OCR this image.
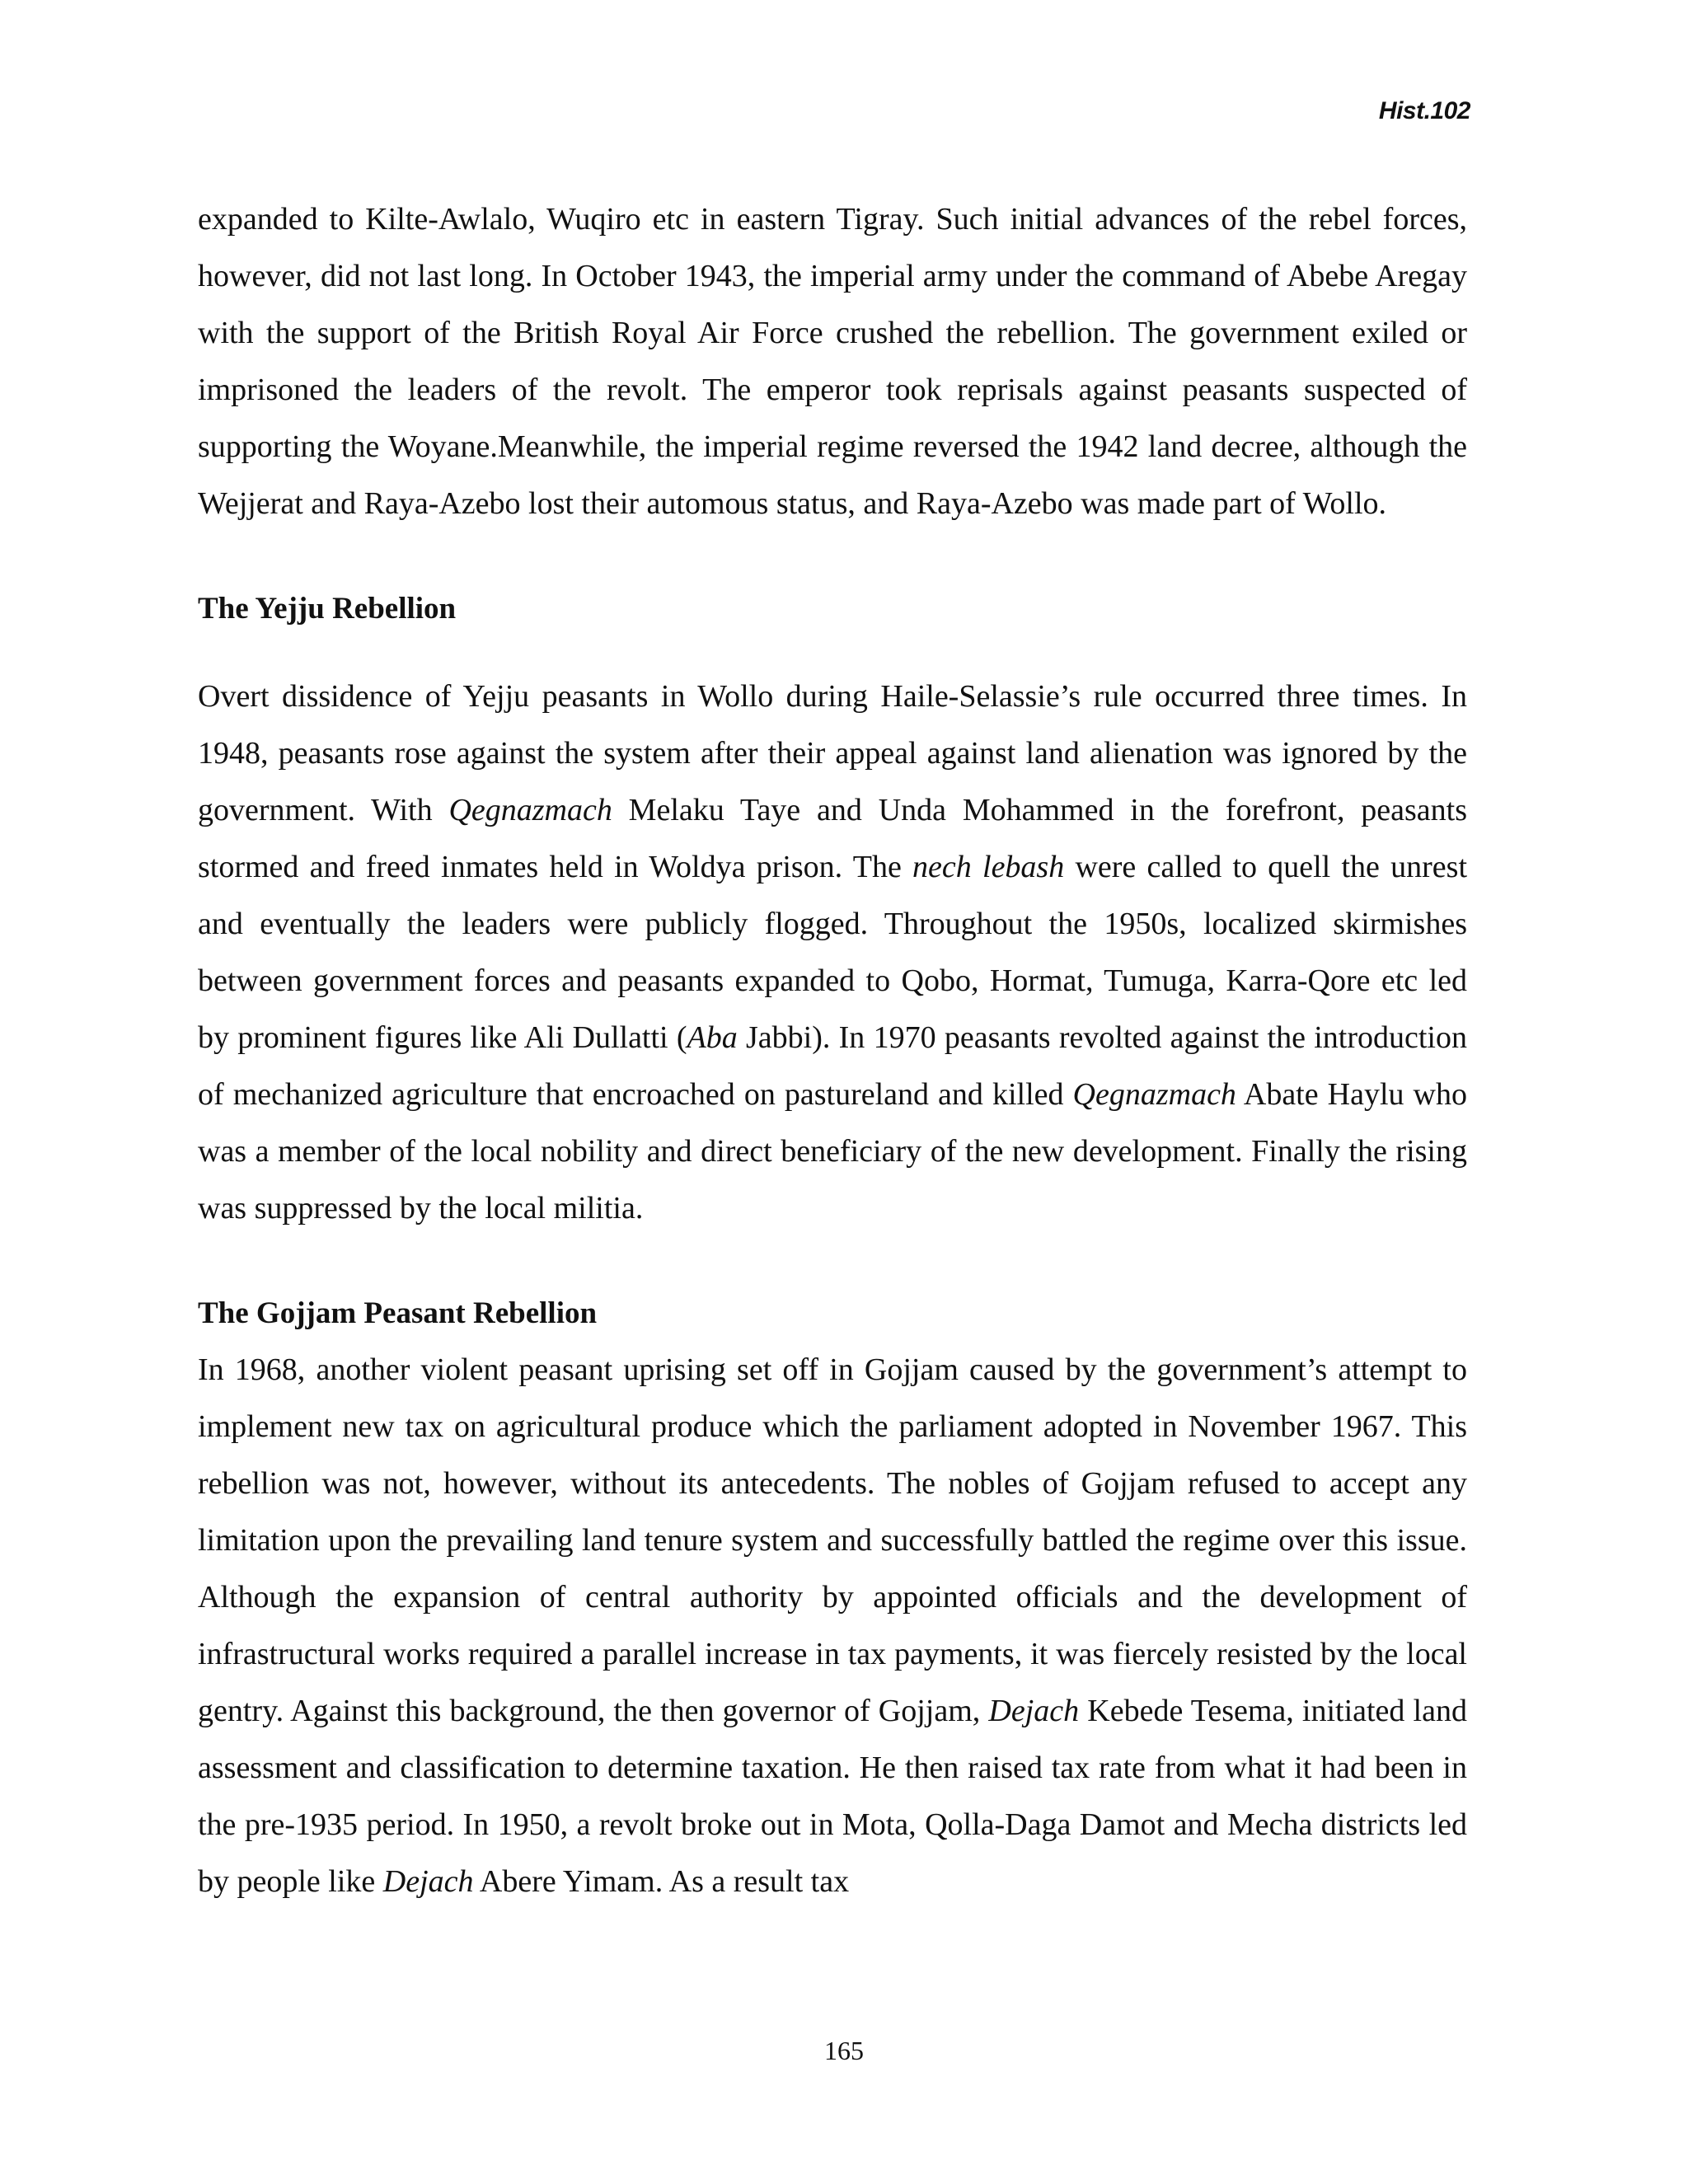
Hist.102

expanded to Kilte-Awlalo, Wuqiro etc in eastern Tigray. Such initial advances of the rebel forces, however, did not last long. In October 1943, the imperial army under the command of Abebe Aregay with the support of the British Royal Air Force crushed the rebellion. The government exiled or imprisoned the leaders of the revolt. The emperor took reprisals against peasants suspected of supporting the Woyane.Meanwhile, the imperial regime reversed the 1942 land decree, although the Wejjerat and Raya-Azebo lost their automous status, and Raya-Azebo was made part of Wollo.

The Yejju Rebellion

Overt dissidence of Yejju peasants in Wollo during Haile-Selassie’s rule occurred three times. In 1948, peasants rose against the system after their appeal against land alienation was ignored by the government. With Qegnazmach Melaku Taye and Unda Mohammed in the forefront, peasants stormed and freed inmates held in Woldya prison. The nech lebash were called to quell the unrest and eventually the leaders were publicly flogged. Throughout the 1950s, localized skirmishes between government forces and peasants expanded to Qobo, Hormat, Tumuga, Karra-Qore etc led by prominent figures like Ali Dullatti (Aba Jabbi). In 1970 peasants revolted against the introduction of mechanized agriculture that encroached on pastureland and killed Qegnazmach Abate Haylu who was a member of the local nobility and direct beneficiary of the new development. Finally the rising was suppressed by the local militia.

The Gojjam Peasant Rebellion

In 1968, another violent peasant uprising set off in Gojjam caused by the government’s attempt to implement new tax on agricultural produce which the parliament adopted in November 1967. This rebellion was not, however, without its antecedents. The nobles of Gojjam refused to accept any limitation upon the prevailing land tenure system and successfully battled the regime over this issue. Although the expansion of central authority by appointed officials and the development of infrastructural works required a parallel increase in tax payments, it was fiercely resisted by the local gentry. Against this background, the then governor of Gojjam, Dejach Kebede Tesema, initiated land assessment and classification to determine taxation. He then raised tax rate from what it had been in the pre-1935 period. In 1950, a revolt broke out in Mota, Qolla-Daga Damot and Mecha districts led by people like Dejach Abere Yimam. As a result tax

165
